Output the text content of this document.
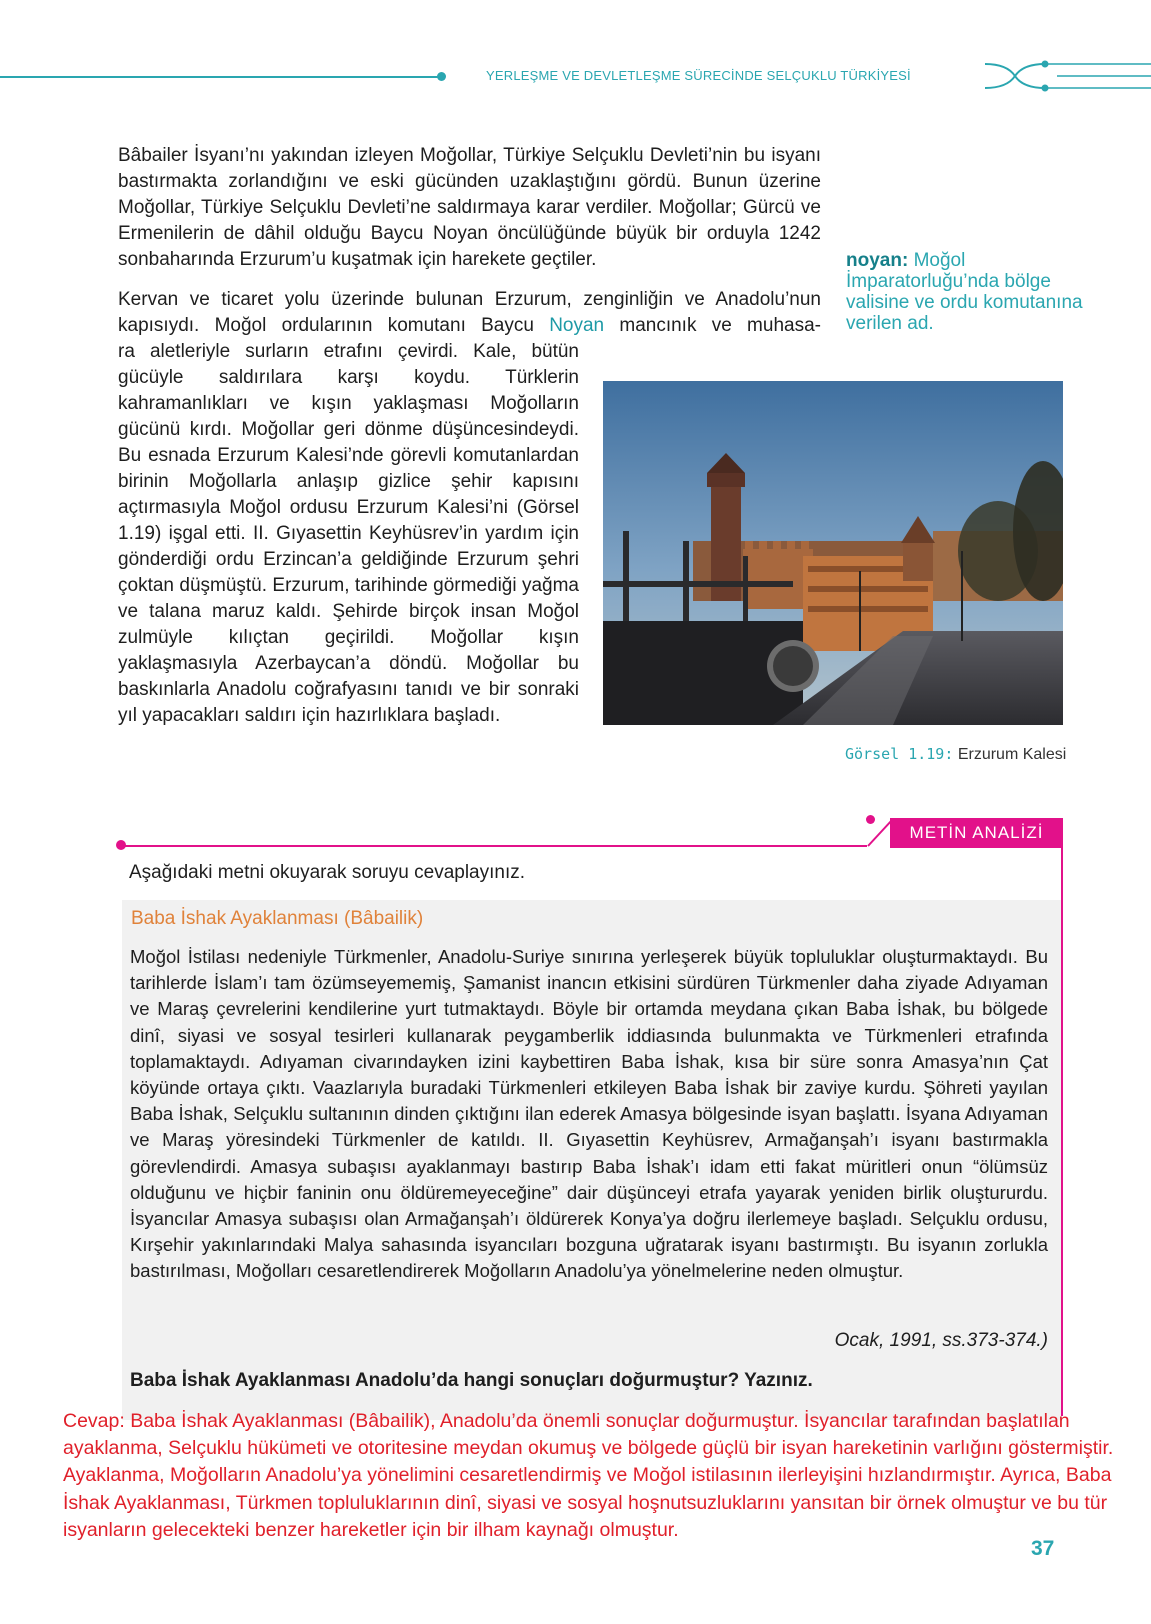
YERLEŞME VE DEVLETLEŞME SÜRECİNDE SELÇUKLU TÜRKİYESİ
Bâbailer İsyanı’nı yakından izleyen Moğollar, Türkiye Selçuklu Devleti’nin bu isyanı bastırmakta zorlandığını ve eski gücünden uzaklaştığını gördü. Bunun üzerine Moğollar, Türkiye Selçuklu Devleti’ne saldırmaya karar verdiler. Moğollar; Gürcü ve Ermenilerin de dâhil olduğu Baycu Noyan öncülüğünde büyük bir orduyla 1242 sonbaharında Erzurum’u kuşatmak için harekete geçtiler.
Kervan ve ticaret yolu üzerinde bulunan Erzurum, zenginliğin ve Anadolu’nun kapısıydı. Moğol ordularının komutanı Baycu Noyan mancınık ve muhasa-
ra aletleriyle surların etrafını çevirdi. Kale, bütün gücüyle saldırılara karşı koydu. Türklerin kahramanlıkları ve kışın yaklaşması Moğolların gücünü kırdı. Moğollar geri dönme düşüncesindeydi. Bu esnada Erzurum Kalesi’nde görevli komutanlardan birinin Moğollarla anlaşıp gizlice şehir kapısını açtırmasıyla Moğol ordusu Erzurum Kalesi’ni (Görsel 1.19) işgal etti. II. Gıyasettin Keyhüsrev’in yardım için gönderdiği ordu Erzincan’a geldiğinde Erzurum şehri çoktan düşmüştü. Erzurum, tarihinde görmediği yağma ve talana maruz kaldı. Şehirde birçok insan Moğol zulmüyle kılıçtan geçirildi. Moğollar kışın yaklaşmasıyla Azerbaycan’a döndü. Moğollar bu baskınlarla Anadolu coğrafyasını tanıdı ve bir sonraki yıl yapacakları saldırı için hazırlıklara başladı.
noyan: Moğol İmparatorluğu’nda bölge valisine ve ordu komutanına verilen ad.
Görsel 1.19: Erzurum Kalesi
METİN ANALİZİ
Aşağıdaki metni okuyarak soruyu cevaplayınız.
Baba İshak Ayaklanması (Bâbailik)
Moğol İstilası nedeniyle Türkmenler, Anadolu-Suriye sınırına yerleşerek büyük topluluklar oluşturmaktaydı. Bu tarihlerde İslam’ı tam özümseyememiş, Şamanist inancın etkisini sürdüren Türkmenler daha ziyade Adıyaman ve Maraş çevrelerini kendilerine yurt tutmaktaydı. Böyle bir ortamda meydana çıkan Baba İshak, bu bölgede dinî, siyasi ve sosyal tesirleri kullanarak peygamberlik iddiasında bulunmakta ve Türkmenleri etrafında toplamaktaydı. Adıyaman civarındayken izini kaybettiren Baba İshak, kısa bir süre sonra Amasya’nın Çat köyünde ortaya çıktı. Vaazlarıyla buradaki Türkmenleri etkileyen Baba İshak bir zaviye kurdu. Şöhreti yayılan Baba İshak, Selçuklu sultanının dinden çıktığını ilan ederek Amasya bölgesinde isyan başlattı. İsyana Adıyaman ve Maraş yöresindeki Türkmenler de katıldı. II. Gıyasettin Keyhüsrev, Armağanşah’ı isyanı bastırmakla görevlendirdi. Amasya subaşısı ayaklanmayı bastırıp Baba İshak’ı idam etti fakat müritleri onun “ölümsüz olduğunu ve hiçbir faninin onu öldüremeyeceğine” dair düşünceyi etrafa yayarak yeniden birlik oluştururdu. İsyancılar Amasya subaşısı olan Armağanşah’ı öldürerek Konya’ya doğru ilerlemeye başladı. Selçuklu ordusu, Kırşehir yakınlarındaki Malya sahasında isyancıları bozguna uğratarak isyanı bastırmıştı. Bu isyanın zorlukla bastırılması, Moğolları cesaretlendirerek Moğolların Anadolu’ya yönelmelerine neden olmuştur.
Ocak, 1991, ss.373-374.)
Baba İshak Ayaklanması Anadolu’da hangi sonuçları doğurmuştur? Yazınız.
Cevap: Baba İshak Ayaklanması (Bâbailik), Anadolu’da önemli sonuçlar doğurmuştur. İsyancılar tarafından başlatılan ayaklanma, Selçuklu hükümeti ve otoritesine meydan okumuş ve bölgede güçlü bir isyan hareketinin varlığını göstermiştir. Ayaklanma, Moğolların Anadolu’ya yönelimini cesaretlendirmiş ve Moğol istilasının ilerleyişini hızlandırmıştır. Ayrıca, Baba İshak Ayaklanması, Türkmen topluluklarının dinî, siyasi ve sosyal hoşnutsuzluklarını yansıtan bir örnek olmuştur ve bu tür isyanların gelecekteki benzer hareketler için bir ilham kaynağı olmuştur.
37
